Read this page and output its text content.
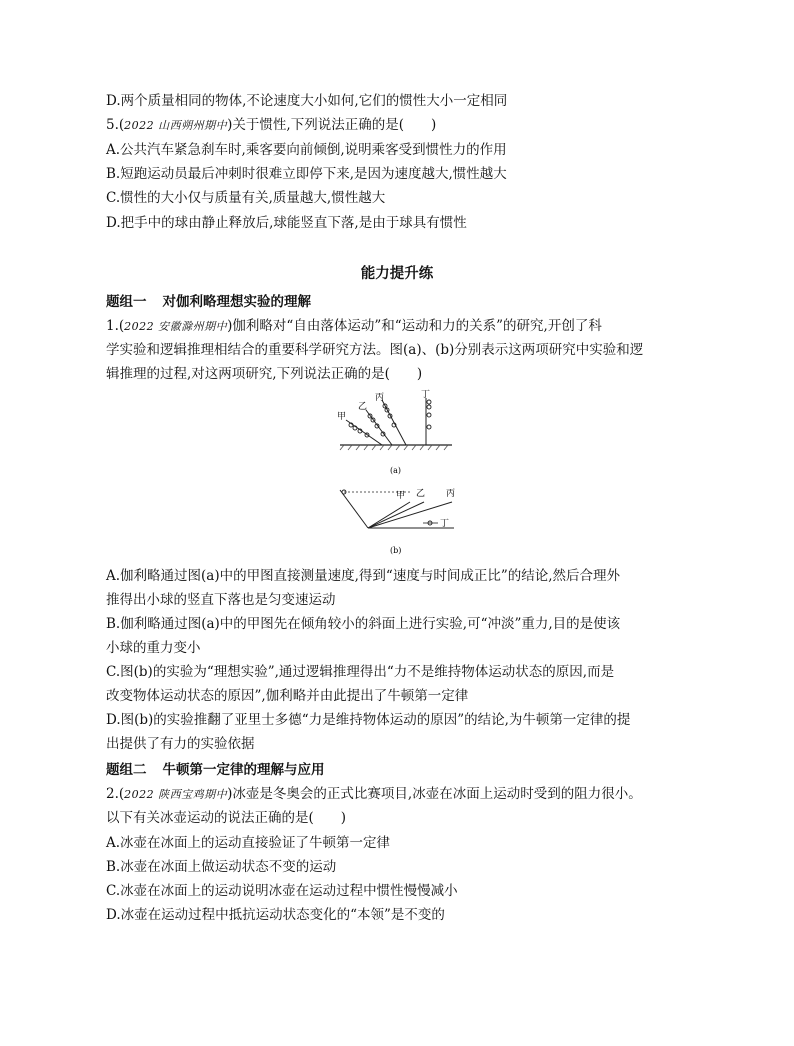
D.两个质量相同的物体,不论速度大小如何,它们的惯性大小一定相同
5.(2022 山西朔州期中)关于惯性,下列说法正确的是(　　)
A.公共汽车紧急刹车时,乘客要向前倾倒,说明乘客受到惯性力的作用
B.短跑运动员最后冲刺时很难立即停下来,是因为速度越大,惯性越大
C.惯性的大小仅与质量有关,质量越大,惯性越大
D.把手中的球由静止释放后,球能竖直下落,是由于球具有惯性
能力提升练
题组一 对伽利略理想实验的理解
1.(2022 安徽滁州期中)伽利略对“自由落体运动”和“运动和力的关系”的研究,开创了科
学实验和逻辑推理相结合的重要科学研究方法。图(a)、(b)分别表示这两项研究中实验和逻
辑推理的过程,对这两项研究,下列说法正确的是(　　)
甲
乙
丙	丁
(a)
甲 乙 丙
丁
(b)
A.伽利略通过图(a)中的甲图直接测量速度,得到“速度与时间成正比”的结论,然后合理外
推得出小球的竖直下落也是匀变速运动
B.伽利略通过图(a)中的甲图先在倾角较小的斜面上进行实验,可“冲淡”重力,目的是使该
小球的重力变小
C.图(b)的实验为“理想实验”,通过逻辑推理得出“力不是维持物体运动状态的原因,而是
改变物体运动状态的原因”,伽利略并由此提出了牛顿第一定律
D.图(b)的实验推翻了亚里士多德“力是维持物体运动的原因”的结论,为牛顿第一定律的提
出提供了有力的实验依据
题组二 牛顿第一定律的理解与应用
2.(2022 陕西宝鸡期中)冰壶是冬奥会的正式比赛项目,冰壶在冰面上运动时受到的阻力很小。
以下有关冰壶运动的说法正确的是(　　)
A.冰壶在冰面上的运动直接验证了牛顿第一定律
B.冰壶在冰面上做运动状态不变的运动
C.冰壶在冰面上的运动说明冰壶在运动过程中惯性慢慢减小
D.冰壶在运动过程中抵抗运动状态变化的“本领”是不变的
